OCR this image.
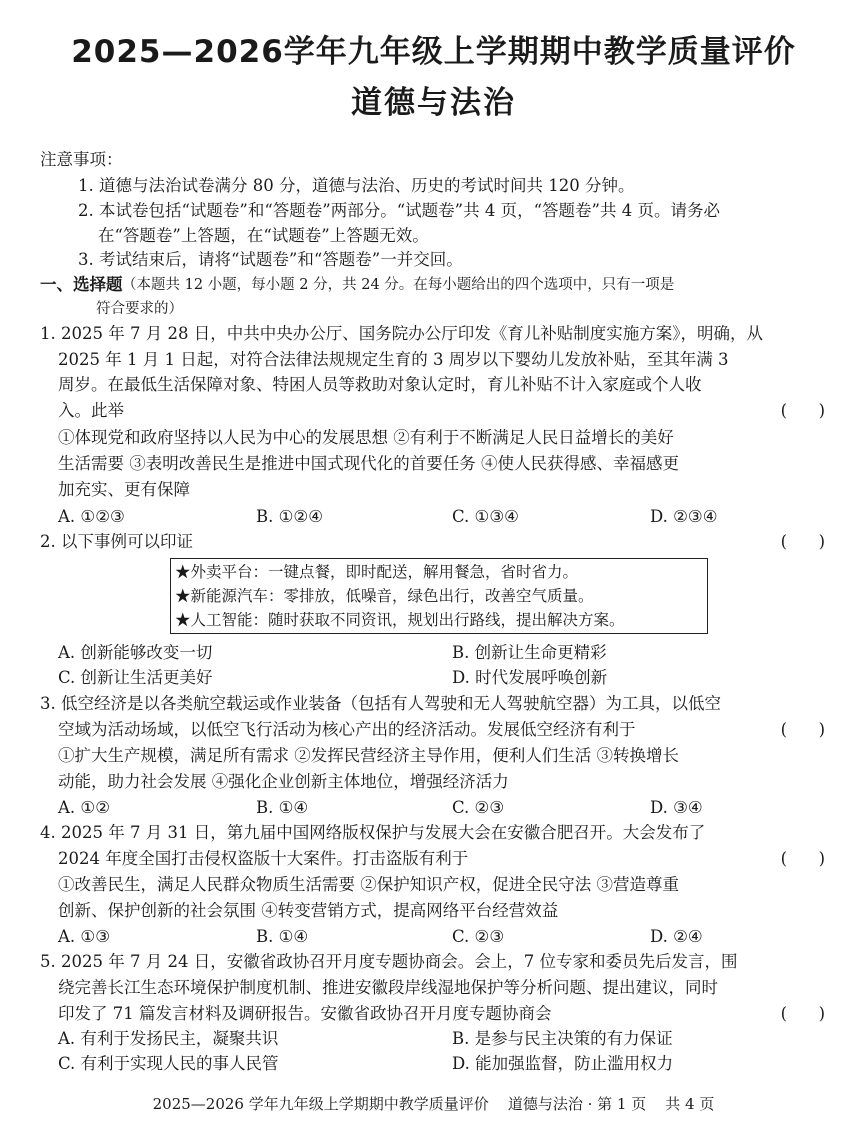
2025—2026学年九年级上学期期中教学质量评价
道德与法治
注意事项：
1. 道德与法治试卷满分 80 分，道德与法治、历史的考试时间共 120 分钟。
2. 本试卷包括“试题卷”和“答题卷”两部分。“试题卷”共 4 页，“答题卷”共 4 页。请务必
在“答题卷”上答题，在“试题卷”上答题无效。
3. 考试结束后，请将“试题卷”和“答题卷”一并交回。
一、选择题 （本题共 12 小题，每小题 2 分，共 24 分。在每小题给出的四个选项中，只有一项是
符合要求的）
1. 2025 年 7 月 28 日，中共中央办公厅、国务院办公厅印发《育儿补贴制度实施方案》，明确，从
2025 年 1 月 1 日起，对符合法律法规规定生育的 3 周岁以下婴幼儿发放补贴，至其年满 3
周岁。在最低生活保障对象、特困人员等救助对象认定时，育儿补贴不计入家庭或个人收
入。此举	(      )
①体现党和政府坚持以人民为中心的发展思想 ②有利于不断满足人民日益增长的美好
生活需要 ③表明改善民生是推进中国式现代化的首要任务 ④使人民获得感、幸福感更
加充实、更有保障
A. ①②③	B. ①②④	C. ①③④	D. ②③④
2. 以下事例可以印证	(      )
★外卖平台：一键点餐，即时配送，解用餐急，省时省力。
★新能源汽车：零排放，低噪音，绿色出行，改善空气质量。
★人工智能：随时获取不同资讯，规划出行路线，提出解决方案。
A. 创新能够改变一切	B. 创新让生命更精彩
C. 创新让生活更美好	D. 时代发展呼唤创新
3. 低空经济是以各类航空载运或作业装备（包括有人驾驶和无人驾驶航空器）为工具，以低空
空域为活动场域，以低空飞行活动为核心产出的经济活动。发展低空经济有利于	(      )
①扩大生产规模，满足所有需求 ②发挥民营经济主导作用，便利人们生活 ③转换增长
动能，助力社会发展 ④强化企业创新主体地位，增强经济活力
A. ①②	B. ①④	C. ②③	D. ③④
4. 2025 年 7 月 31 日，第九届中国网络版权保护与发展大会在安徽合肥召开。大会发布了
2024 年度全国打击侵权盗版十大案件。打击盗版有利于	(      )
①改善民生，满足人民群众物质生活需要 ②保护知识产权，促进全民守法 ③营造尊重
创新、保护创新的社会氛围 ④转变营销方式，提高网络平台经营效益
A. ①③	B. ①④	C. ②③	D. ②④
5. 2025 年 7 月 24 日，安徽省政协召开月度专题协商会。会上，7 位专家和委员先后发言，围
绕完善长江生态环境保护制度机制、推进安徽段岸线湿地保护等分析问题、提出建议，同时
印发了 71 篇发言材料及调研报告。安徽省政协召开月度专题协商会	(      )
A. 有利于发扬民主，凝聚共识	B. 是参与民主决策的有力保证
C. 有利于实现人民的事人民管	D. 能加强监督，防止滥用权力
2025—2026 学年九年级上学期期中教学质量评价    道德与法治 · 第 1 页    共 4 页
